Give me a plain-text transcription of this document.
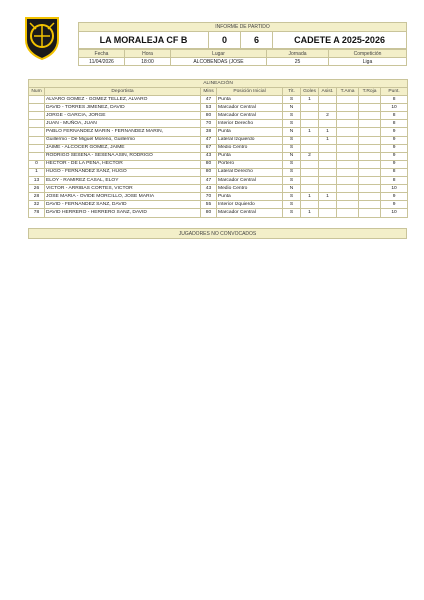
INFORME DE PARTIDO
LA MORALEJA CF B	0	6	CADETE A 2025-2026
Fecha	Hora	Lugar	Jornada	Competición
11/04/2026	18:00	ALCOBENDAS (JOSE	25	Liga
ALINEACIÓN									
Num	Deportista	Mins	Posición Inicial	Tit.	Goles	Asist.	T.Ama	T.Roja	Punt.
	ALVARO GOMEZ - GOMEZ TELLEZ, ALVARO	47	Punta	S	1				8
	DAVID - TORRES JIMENEZ, DAVID	53	Marcador Central	N					10
	JORGE - GARCIA, JORGE	80	Marcador Central	S		2			8
	JUAN - MUÑOA, JUAN	70	Interior Derecho	S					8
	PABLO FERNANDEZ MARIN - FERNANDEZ MARIN,	38	Punta	N	1	1			9
	Guillermo - De Miguel Moreno, Guillermo	47	Lateral Izquierdo	S		1			9
	JAIME - ALCOCER GOMEZ, JAIME	67	Medio Centro	S					9
	RODRIGO SESEÑA - SESEÑA ASIN, RODRIGO	43	Punta	N	2				9
0	HECTOR - DE LA PEÑA, HECTOR	80	Portero	S					9
1	HUGO - FERNANDEZ SANZ, HUGO	80	Lateral Derecho	S					8
13	ELOY - RAMIREZ CASAL, ELOY	47	Marcador Central	S					8
26	VICTOR - ARRIBAS CORTES, VICTOR	43	Medio Centro	N					10
28	JOSE MARIA - OVIDE MORCILLO, JOSE MARIA	70	Punta	S	1	1			9
32	DAVID - FERNANDEZ SANZ, DAVID	55	Interior Izquierdo	S					9
78	DAVID HERRERO - HERRERO SANZ, DAVID	80	Marcador Central	S	1				10
JUGADORES NO CONVOCADOS
